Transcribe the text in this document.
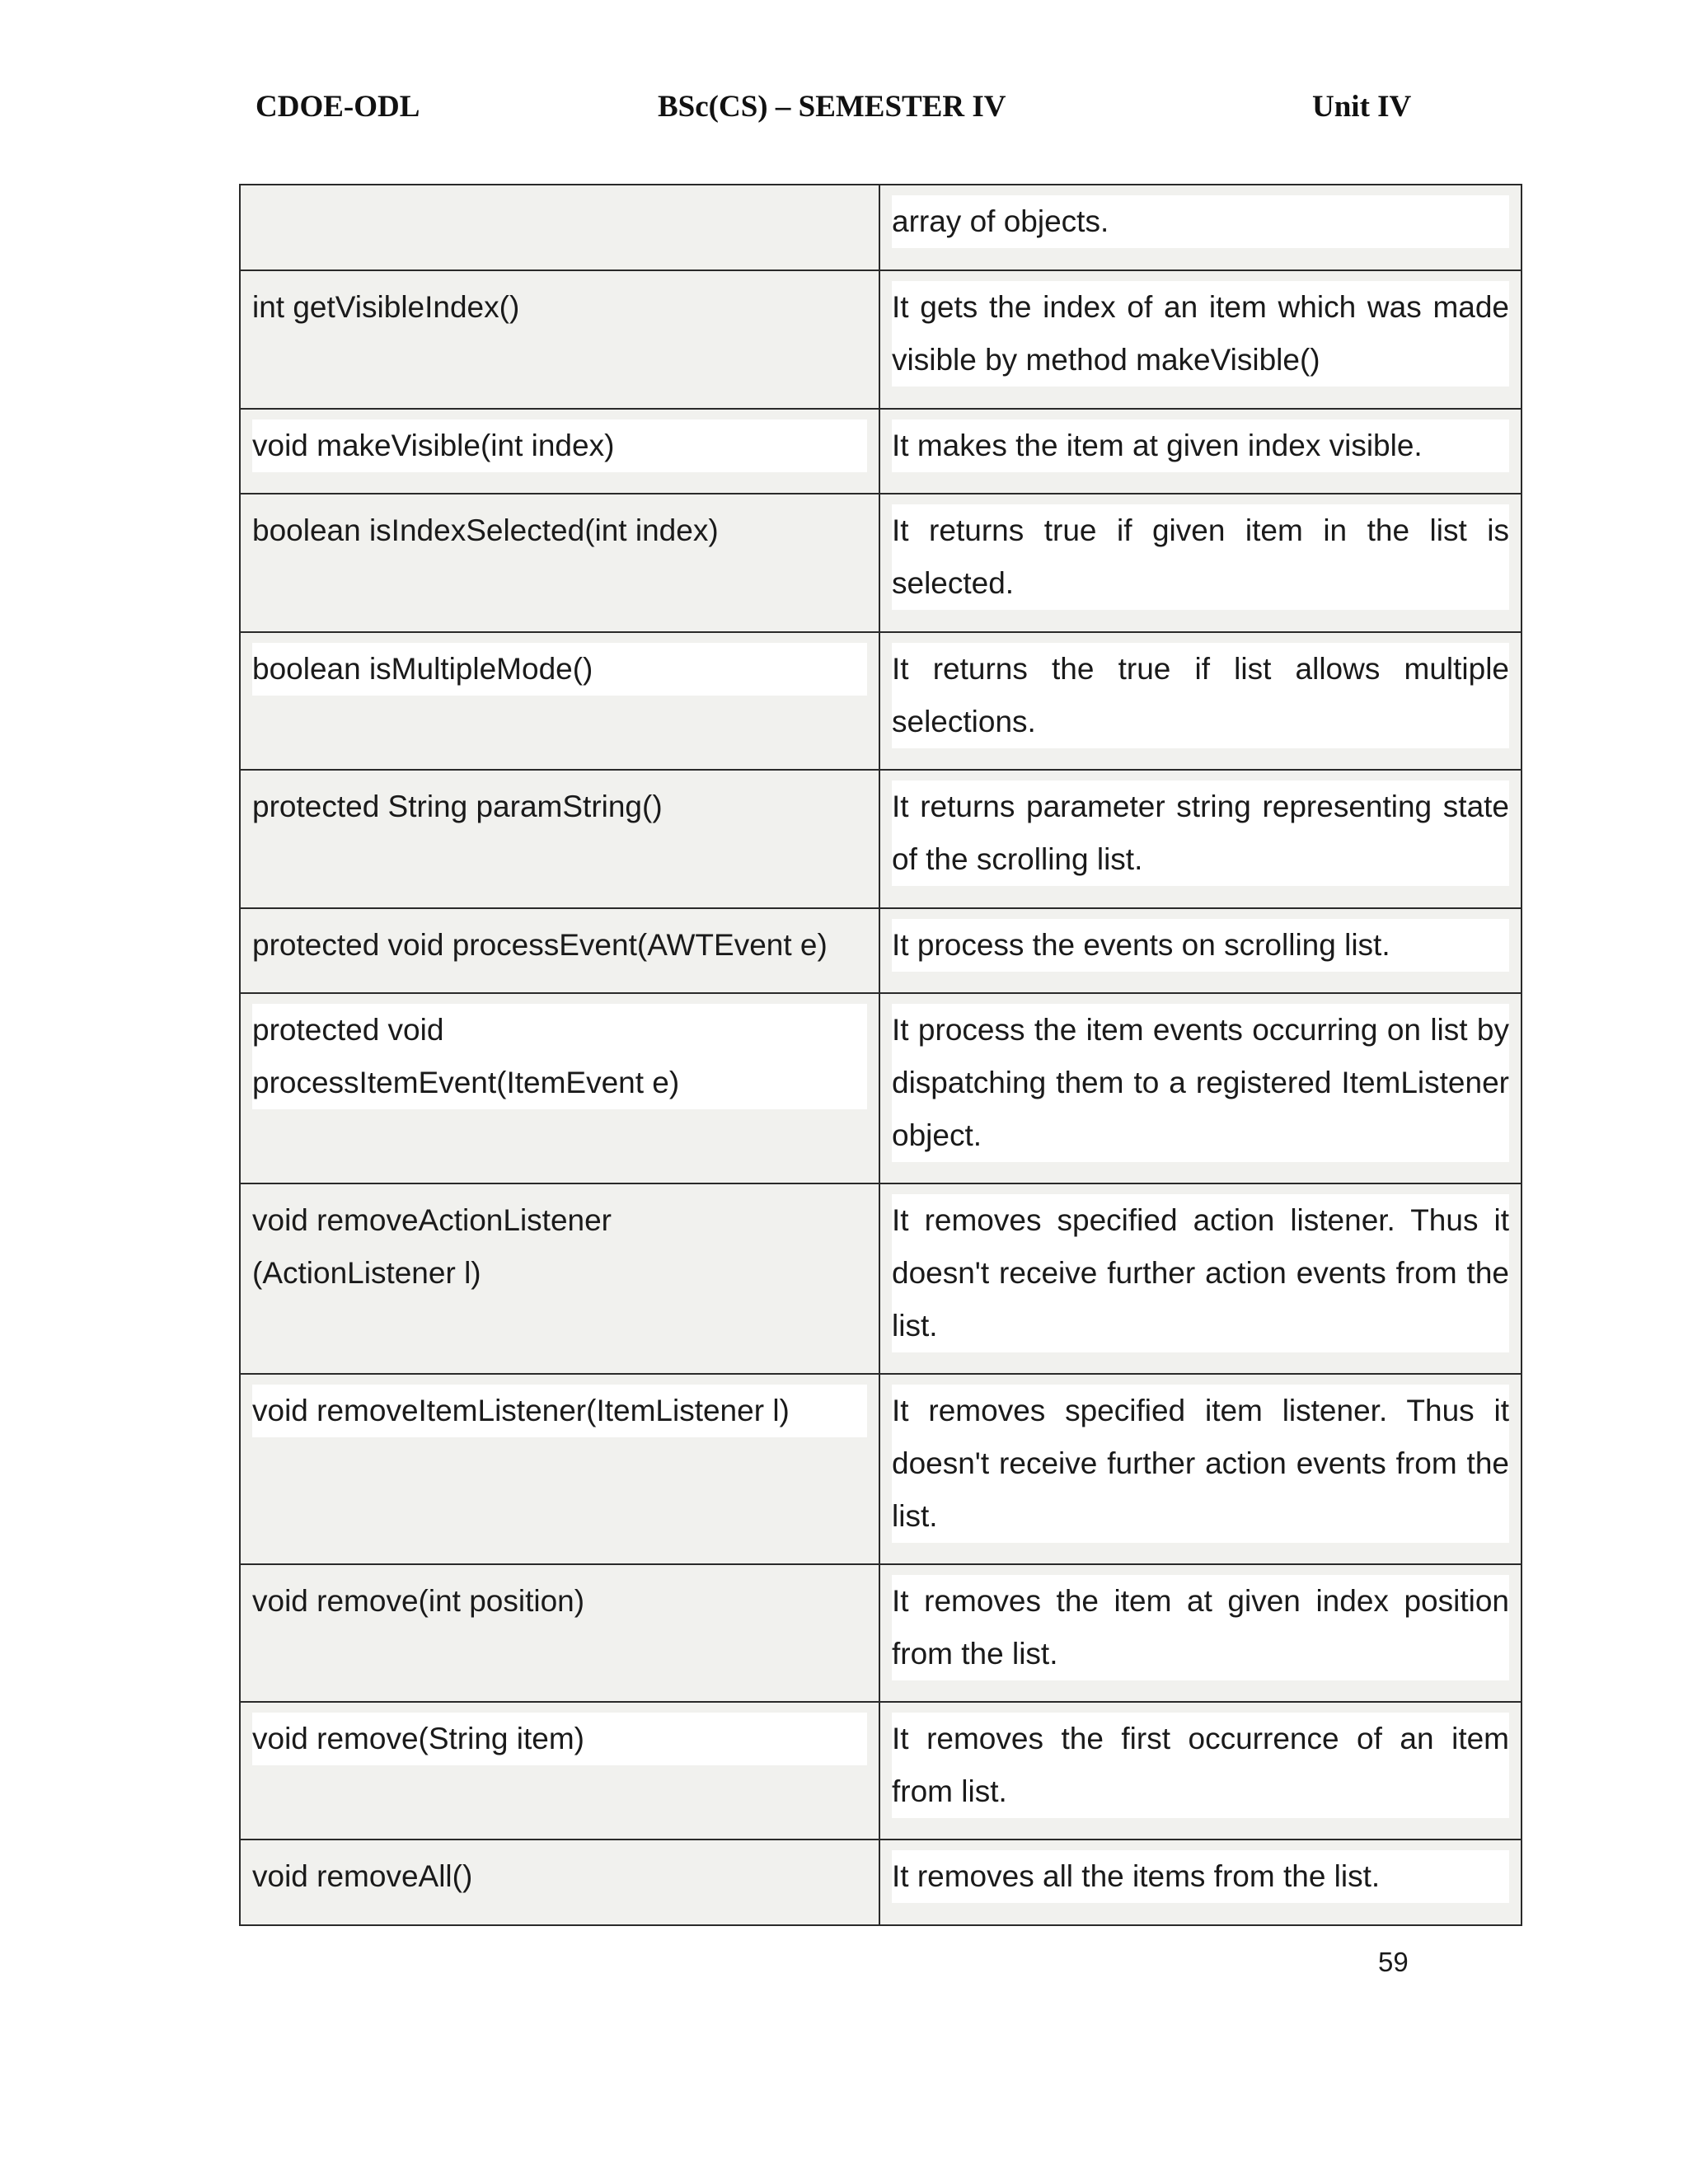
CDOE-ODL	BSc(CS) – SEMESTER IV	Unit IV

	array of objects.

int getVisibleIndex()	It gets the index of an item which was made visible by method makeVisible()

void makeVisible(int index)	It makes the item at given index visible.

boolean isIndexSelected(int index)	It returns true if given item in the list is selected.

boolean isMultipleMode()	It returns the true if list allows multiple selections.

protected String paramString()	It returns parameter string representing state of the scrolling list.

protected void processEvent(AWTEvent e)	It process the events on scrolling list.

protected void
processItemEvent(ItemEvent e)	It process the item events occurring on list by dispatching them to a registered ItemListener object.

void removeActionListener
(ActionListener l)	It removes specified action listener. Thus it doesn't receive further action events from the list.

void removeItemListener(ItemListener l)	It removes specified item listener. Thus it doesn't receive further action events from the list.

void remove(int position)	It removes the item at given index position from the list.

void remove(String item)	It removes the first occurrence of an item from list.

void removeAll()	It removes all the items from the list.
59
